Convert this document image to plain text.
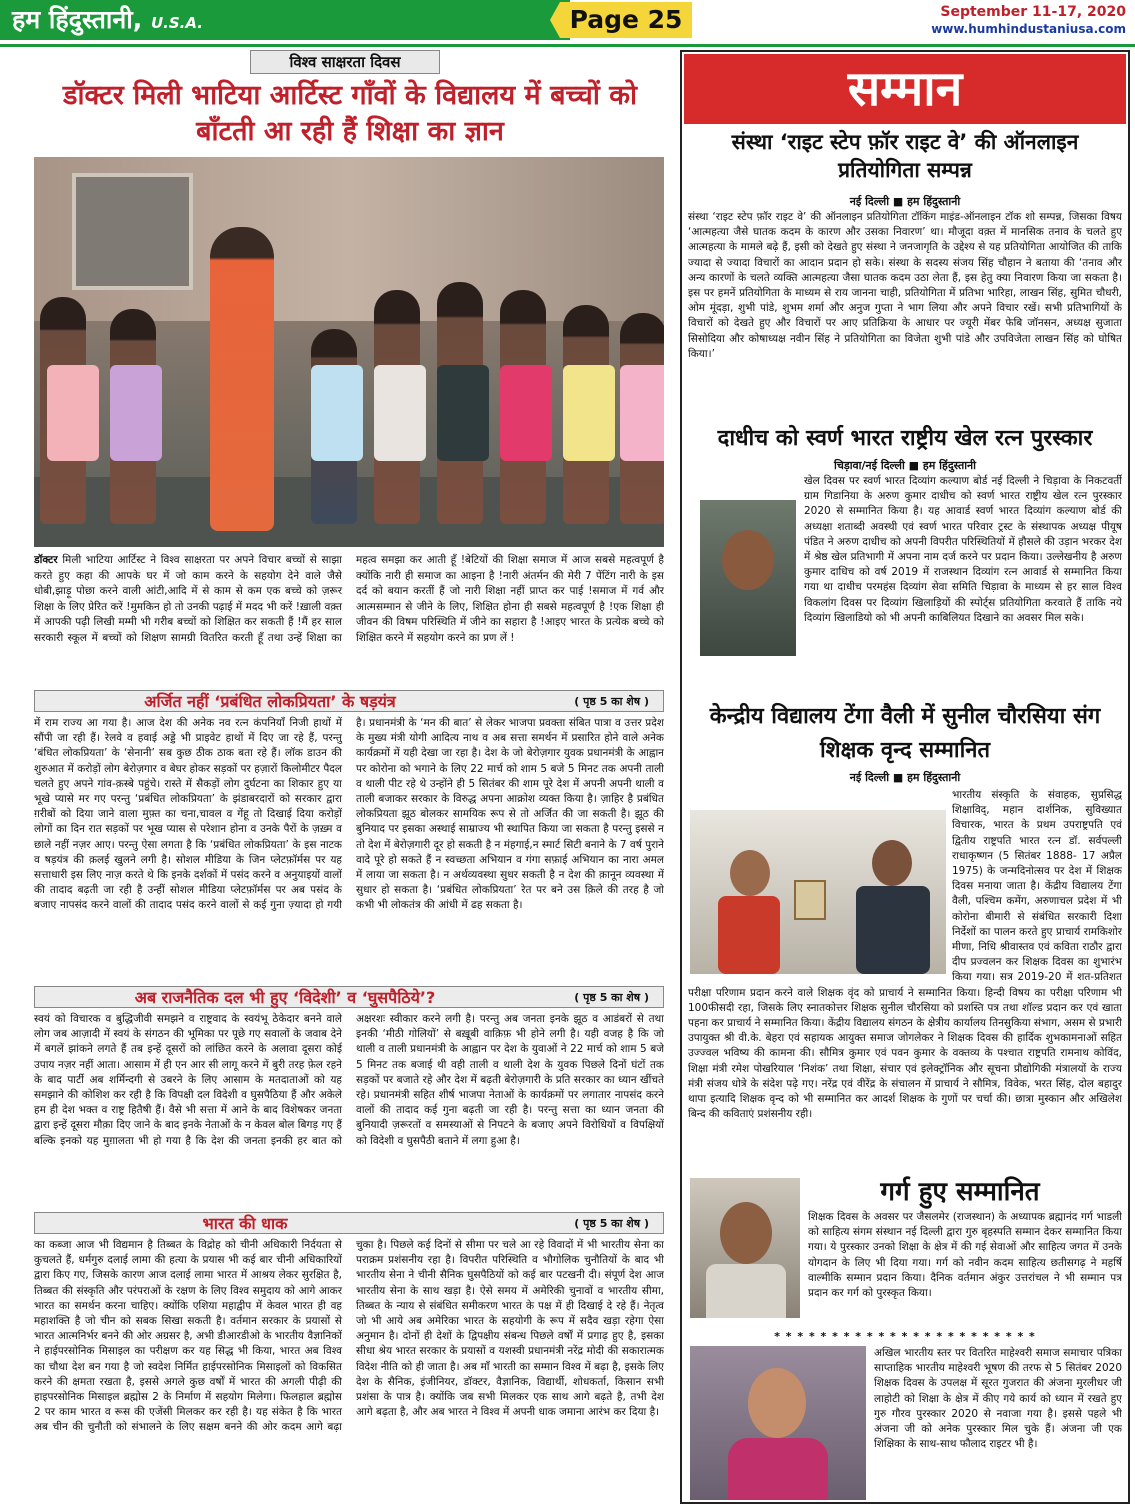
हम हिंदुस्तानी, U.S.A.	Page 25	September 11-17, 2020
www.humhindustaniusa.com
विश्व साक्षरता दिवस
डॉक्टर मिली भाटिया आर्टिस्ट गाँवों के विद्यालय में बच्चों को बाँटती आ रही हैं शिक्षा का ज्ञान
डॉक्टर मिली भाटिया आर्टिस्ट ने विश्व साक्षरता पर अपने विचार बच्चों से साझा करते हुए कहा की आपके घर में जो काम करने के सहयोग देने वाले जैसे धोबी,झाड़ू पोछा करने वाली आंटी,आदि में से काम से कम एक बच्चे को ज़रूर शिक्षा के लिए प्रेरित करें !मुमकिन हो तो उनकी पढ़ाई में मदद भी करें !ख़ाली वक़्त में आपकी पढ़ी लिखी मम्मी भी गरीब बच्चों को शिक्षित कर सकती हैं !मैं हर साल सरकारी स्कूल में बच्चों को शिक्षण सामग्री वितरित करती हूँ तथा उन्हें शिक्षा का महत्व समझा कर आती हूँ !बेटियों की शिक्षा समाज में आज सबसे महत्वपूर्ण है क्योंकि नारी ही समाज का आइना है !नारी अंतर्मन की मेरी 7 पेंटिंग नारी के इस दर्द को बयान करतीं हैं जो नारी शिक्षा नहीं प्राप्त कर पाई !समाज में गर्व और आत्मसम्मान से जीने के लिए, शिक्षित होना ही सबसे महत्वपूर्ण है !एक शिक्षा ही जीवन की विषम परिस्थिति में जीने का सहारा है !आइए भारत के प्रत्येक बच्चे को शिक्षित करने में सहयोग करने का प्रण लें !
अर्जित नहीं ‘प्रबंधित लोकप्रियता’ के षड़यंत्र	( पृष्ठ 5 का शेष )
में राम राज्य आ गया है। आज देश की अनेक नव रत्न कंपनियाँ निजी हाथों में सौंपी जा रही हैं। रेलवे व हवाई अड्डे भी प्राइवेट हाथों में दिए जा रहे हैं, परन्तु ‘बंधित लोकप्रियता’ के ‘सेनानी’ सब कुछ ठीक ठाक बता रहे हैं। लॉक डाउन की शुरुआत में करोड़ों लोग बेरोज़गार व बेघर होकर सड़कों पर हज़ारों किलोमीटर पैदल चलते हुए अपने गांव-क़स्बे पहुंचे। रास्ते में सैकड़ों लोग दुर्घटना का शिकार हुए या भूखे प्यासे मर गए परन्तु ‘प्रबंधित लोकप्रियता’ के झंडाबरदारों को सरकार द्वारा ग़रीबों को दिया जाने वाला मुफ़्त का चना,चावल व गेंहू तो दिखाई दिया करोड़ों लोगों का दिन रात सड़कों पर भूख प्यास से परेशान होना व उनके पैरों के ज़ख़्म व छाले नहीं नज़र आए। परन्तु ऐसा लगता है कि ‘प्रबंधित लोकप्रियता’ के इस नाटक व षड़यंत्र की क़लई खुलने लगी है। सोशल मीडिया के जिन प्लेटफ़ॉर्मस पर यह सत्ताधारी इस लिए नाज़ करते थे कि इनके दर्शकों में पसंद करने व अनुयाइयों वालों की तादाद बढ़ती जा रही है उन्हीं सोशल मीडिया प्लेटफ़ॉर्मस पर अब पसंद के बजाए नापसंद करने वालों की तादाद पसंद करने वालों से कई गुना ज़्यादा हो गयी है। प्रधानमंत्री के ‘मन की बात’ से लेकर भाजपा प्रवक्ता संबित पात्रा व उत्तर प्रदेश के मुख्य मंत्री योगी आदित्य नाथ व अब सत्ता समर्थन में प्रसारित होने वाले अनेक कार्यक्रमों में यही देखा जा रहा है। देश के जो बेरोज़गार युवक प्रधानमंत्री के आह्वान पर कोरोना को भगाने के लिए 22 मार्च को शाम 5 बजे 5 मिनट तक अपनी ताली व थाली पीट रहे थे उन्होंने ही 5 सितंबर की शाम पूरे देश में अपनी अपनी थाली व ताली बजाकर सरकार के विरुद्ध अपना आक्रोश व्यक्त किया है। ज़ाहिर है प्रबंधित लोकप्रियता झूठ बोलकर सामयिक रूप से तो अर्जित की जा सकती है। झूठ की बुनियाद पर इसका अस्थाई साम्राज्य भी स्थापित किया जा सकता है परन्तु इससे न तो देश में बेरोज़गारी दूर हो सकती है न मंहगाई,न स्मार्ट सिटी बनाने के 7 वर्ष पुराने वादे पूरे हो सकते हैं न स्वच्छता अभियान व गंगा सफ़ाई अभियान का नारा अमल में लाया जा सकता है। न अर्थव्यवस्था सुधर सकती है न देश की क़ानून व्यवस्था में सुधार हो सकता है। ‘प्रबंधित लोकप्रियता’ रेत पर बने उस क़िले की तरह है जो कभी भी लोकतंत्र की आंधी में ढह सकता है।
अब राजनैतिक दल भी हुए ‘विदेशी’ व ‘घुसपैठिये’?	( पृष्ठ 5 का शेष )
स्वयं को विचारक व बुद्धिजीवी समझने व राष्ट्रवाद के स्वयंभू ठेकेदार बनने वाले लोग जब आज़ादी में स्वयं के संगठन की भूमिका पर पूछे गए सवालों के जवाब देने में बगलें झांकने लगते हैं तब इन्हें दूसरों को लांछित करने के अलावा दूसरा कोई उपाय नज़र नहीं आता। आसाम में ही एन आर सी लागू करने में बुरी तरह फ़ेल रहने के बाद पार्टी अब शर्मिन्दगी से उबरने के लिए आसाम के मतदाताओं को यह समझाने की कोशिश कर रही है कि विपक्षी दल विदेशी व घुसपैठिया हैं और अकेले हम ही देश भक्त व राष्ट्र हितैषी हैं। वैसे भी सत्ता में आने के बाद विशेषकर जनता द्वारा इन्हें दूसरा मौक़ा दिए जाने के बाद इनके नेताओं के न केवल बोल बिगड़ गए हैं बल्कि इनको यह मुग़ालता भी हो गया है कि देश की जनता इनकी हर बात को अक्षरशः स्वीकार करने लगी है। परन्तु अब जनता इनके झूठ व आडंबरों से तथा इनकी ‘मीठी गोलियों’ से बख़ूबी वाक़िफ़ भी होने लगी है। यही वजह है कि जो थाली व ताली प्रधानमंत्री के आह्वान पर देश के युवाओं ने 22 मार्च को शाम 5 बजे 5 मिनट तक बजाई थी वही ताली व थाली देश के युवक पिछले दिनों घंटों तक सड़कों पर बजाते रहे और देश में बढ़ती बेरोज़गारी के प्रति सरकार का ध्यान खींचते रहे। प्रधानमंत्री सहित शीर्ष भाजपा नेताओं के कार्यक्रमों पर लगातार नापसंद करने वालों की तादाद कई गुना बढ़ती जा रही है। परन्तु सत्ता का ध्यान जनता की बुनियादी ज़रूरतों व समस्याओं से निपटने के बजाए अपने विरोधियों व विपक्षियों को विदेशी व घुसपैठी बताने में लगा हुआ है।
भारत की धाक	( पृष्ठ 5 का शेष )
का कब्जा आज भी विद्यमान है तिब्बत के विद्रोह को चीनी अधिकारी निर्दयता से कुचलते हैं, धर्मगुरु दलाई लामा की हत्या के प्रयास भी कई बार चीनी अधिकारियों द्वारा किए गए, जिसके कारण आज दलाई लामा भारत में आश्रय लेकर सुरक्षित है, तिब्बत की संस्कृति और परंपराओं के रक्षण के लिए विश्व समुदाय को आगे आकर भारत का समर्थन करना चाहिए। क्योंकि एशिया महाद्वीप में केवल भारत ही वह महाशक्ति है जो चीन को सबक सिखा सकती है। वर्तमान सरकार के प्रयासों से भारत आत्मनिर्भर बनने की ओर अग्रसर है, अभी डीआरडीओ के भारतीय वैज्ञानिकों ने हाईपरसोनिक मिसाइल का परीक्षण कर यह सिद्ध भी किया, भारत अब विश्व का चौथा देश बन गया है जो स्वदेश निर्मित हाईपरसोनिक मिसाइलों को विकसित करने की क्षमता रखता है, इससे अगले कुछ वर्षों में भारत की अगली पीढ़ी की हाइपरसोनिक मिसाइल ब्रह्मोस 2 के निर्माण में सहयोग मिलेगा। फिलहाल ब्रह्मोस 2 पर काम भारत व रूस की एजेंसी मिलकर कर रही है। यह संकेत है कि भारत अब चीन की चुनौती को संभालने के लिए सक्षम बनने की ओर कदम आगे बढ़ा चुका है। पिछले कई दिनों से सीमा पर चले आ रहे विवादों में भी भारतीय सेना का पराक्रम प्रशंसनीय रहा है। विपरीत परिस्थिति व भौगोलिक चुनौतियों के बाद भी भारतीय सेना ने चीनी सैनिक घुसपैठियों को कई बार पटखनी दी। संपूर्ण देश आज भारतीय सेना के साथ खड़ा है। ऐसे समय में अमेरिकी चुनावों व भारतीय सीमा, तिब्बत के न्याय से संबंधित समीकरण भारत के पक्ष में ही दिखाई दे रहे हैं। नेतृत्व जो भी आये अब अमेरिका भारत के सहयोगी के रूप में सदैव खड़ा रहेगा ऐसा अनुमान है। दोनों ही देशों के द्विपक्षीय संबन्ध पिछले वर्षों में प्रगाढ़ हुए है, इसका सीधा श्रेय भारत सरकार के प्रयासों व यशस्वी प्रधानमंत्री नरेंद्र मोदी की सकारात्मक विदेश नीति को ही जाता है। अब माँ भारती का सम्मान विश्व में बढ़ा है, इसके लिए देश के सैनिक, इंजीनियर, डॉक्टर, वैज्ञानिक, विद्यार्थी, शोधकर्ता, किसान सभी प्रशंसा के पात्र है। क्योंकि जब सभी मिलकर एक साथ आगे बढ़ते है, तभी देश आगे बढ़ता है, और अब भारत ने विश्व में अपनी धाक जमाना आरंभ कर दिया है।
सम्मान
संस्था ‘राइट स्टेप फ़ॉर राइट वे’ की ऑनलाइन प्रतियोगिता सम्पन्न
नई दिल्ली ■ हम हिंदुस्तानी
संस्था ‘राइट स्टेप फ़ॉर राइट वे’ की ऑनलाइन प्रतियोगिता टॉकिंग माइंड-ऑनलाइन टॉक शो सम्पन्न, जिसका विषय ‘आत्महत्या जैसे घातक कदम के कारण और उसका निवारण’ था। मौजूदा वक़्त में मानसिक तनाव के चलते हुए आत्महत्या के मामले बढ़े हैं, इसी को देखते हुए संस्था ने जनजागृति के उद्देश्य से यह प्रतियोगिता आयोजित की ताकि ज्यादा से ज्यादा विचारों का आदान प्रदान हो सके। संस्था के सदस्य संजय सिंह चौहान ने बताया की ‘तनाव और अन्य कारणों के चलते व्यक्ति आत्महत्या जैसा घातक कदम उठा लेता हैं, इस हेतु क्या निवारण किया जा सकता है। इस पर हमनें प्रतियोगिता के माध्यम से राय जानना चाही, प्रतियोगिता में प्रतिभा भारिहा, लाखन सिंह, सुमित चौधरी, ओम मूंदड़ा, शुभी पांडे, शुभम शर्मा और अनुज गुप्ता ने भाग लिया और अपने विचार रखें। सभी प्रतिभागियों के विचारों को देखते हुए और विचारों पर आए प्रतिक्रिया के आधार पर ज्यूरी मेंबर फेबि जॉनसन, अध्यक्ष सुजाता सिसोदिया और कोषाध्यक्ष नवीन सिंह ने प्रतियोगिता का विजेता शुभी पांडे और उपविजेता लाखन सिंह को घोषित किया।’
दाधीच को स्वर्ण भारत राष्ट्रीय खेल रत्न पुरस्कार
चिड़ावा/नई दिल्ली ■ हम हिंदुस्तानी
खेल दिवस पर स्वर्ण भारत दिव्यांग कल्याण बोर्ड नई दिल्ली ने चिड़ावा के निकटवर्ती ग्राम गिडानिया के अरुण कुमार दाधीच को स्वर्ण भारत राष्ट्रीय खेल रत्न पुरस्कार 2020 से सम्मानित किया है। यह आवार्ड स्वर्ण भारत दिव्यांग कल्याण बोर्ड की अध्यक्षा शताब्दी अवस्थी एवं स्वर्ण भारत परिवार ट्रस्ट के संस्थापक अध्यक्ष पीयूष पंडित ने अरुण दाधीच को अपनी विपरीत परिस्थितियों में हौसले की उड़ान भरकर देश में श्रेष्ठ खेल प्रतिभागी में अपना नाम दर्ज करने पर प्रदान किया। उल्लेखनीय है अरुण कुमार दाधिच को वर्ष 2019 में राजस्थान दिव्यांग रत्न आवार्ड से सम्मानित किया गया था दाधीच परमहंस दिव्यांग सेवा समिति चिड़ावा के माध्यम से हर साल विश्व विकलांग दिवस पर दिव्यांग खिलाड़ियों की स्पोर्ट्स प्रतियोगिता करवाते हैं ताकि नये दिव्यांग खिलाडियो को भी अपनी काबिलियत दिखाने का अवसर मिल सके।
केन्द्रीय विद्यालय टेंगा वैली में सुनील चौरसिया संग शिक्षक वृन्द सम्मानित
नई दिल्ली ■ हम हिंदुस्तानी
भारतीय संस्कृति के संवाहक, सुप्रसिद्ध शिक्षाविद्, महान दार्शनिक, सुविख्यात विचारक, भारत के प्रथम उपराष्ट्रपति एवं द्वितीय राष्ट्रपति भारत रत्न डॉ. सर्वपल्ली राधाकृष्णन (5 सितंबर 1888- 17 अप्रैल 1975) के जन्मदिनोत्सव पर देश में शिक्षक दिवस मनाया जाता है। केंद्रीय विद्यालय टेंगा वैली, पश्चिम कमेंग, अरुणाचल प्रदेश में भी कोरोना बीमारी से संबंधित सरकारी दिशा निर्देशों का पालन करते हुए प्राचार्य रामकिशोर मीणा, निधि श्रीवास्तव एवं कविता राठौर द्वारा दीप प्रज्वलन कर शिक्षक दिवस का शुभारंभ किया गया। सत्र 2019-20 में शत-प्रतिशत परीक्षा परिणाम प्रदान करने वाले शिक्षक वृंद को प्राचार्य ने सम्मानित किया। हिन्दी विषय का परीक्षा परिणाम भी 100फीसदी रहा, जिसके लिए स्नातकोत्तर शिक्षक सुनील चौरसिया को प्रशस्ति पत्र तथा शॉल्ड प्रदान कर एवं खाता पहना कर प्राचार्य ने सम्मानित किया। केंद्रीय विद्यालय संगठन के क्षेत्रीय कार्यालय तिनसुकिया संभाग, असम से प्रभारी उपायुक्त श्री वी.के. बेहरा एवं सहायक आयुक्त समाज जोगलेकर ने शिक्षक दिवस की हार्दिक शुभकामनाओं सहित उज्ज्वल भविष्य की कामना की। सौमित्र कुमार एवं पवन कुमार के वक्तव्य के पश्चात राष्ट्रपति रामनाथ कोविंद, शिक्षा मंत्री रमेश पोखरियाल ‘निशंक’ तथा शिक्षा, संचार एवं इलेक्ट्रॉनिक और सूचना प्रौद्योगिकी मंत्रालयों के राज्य मंत्री संजय धोत्रे के संदेश पढ़े गए। नरेंद्र एवं वीरेंद्र के संचालन में प्राचार्य ने सौमित्र, विवेक, भरत सिंह, दोल बहादुर थापा इत्यादि शिक्षक वृन्द को भी सम्मानित कर आदर्श शिक्षक के गुणों पर चर्चा की। छात्रा मुस्कान और अखिलेश बिन्द की कविताएं प्रशंसनीय रही।
गर्ग हुए सम्मानित
शिक्षक दिवस के अवसर पर जैसलमेर (राजस्थान) के अध्यापक ब्रह्मानंद गर्ग भाडली को साहित्य संगम संस्थान नई दिल्ली द्वारा गुरु बृहस्पति सम्मान देकर सम्मानित किया गया। ये पुरस्कार उनको शिक्षा के क्षेत्र में की गई सेवाओं और साहित्य जगत में उनके योगदान के लिए भी दिया गया। गर्ग को नवीन कदम साहित्य छतीसगढ़ ने महर्षि वाल्मीकि सम्मान प्रदान किया। दैनिक वर्तमान अंकुर उत्तरांचल ने भी सम्मान पत्र प्रदान कर गर्ग को पुरस्कृत किया।
* * * * * * * * * * * * * * * * * * * * * * *
अखिल भारतीय स्तर पर वितरित माहेश्वरी समाज समाचार पत्रिका साप्ताहिक भारतीय माहेश्वरी भूषण की तरफ से 5 सितंबर 2020 शिक्षक दिवस के उपलक्ष में सूरत गुजरात की अंजना मुरलीधर जी लाहोटी को शिक्षा के क्षेत्र में कीए गये कार्य को ध्यान में रखते हुए गुरु गौरव पुरस्कार 2020 से नवाजा गया है। इससे पहले भी अंजना जी को अनेक पुरस्कार मिल चुके हैं। अंजना जी एक शिक्षिका के साथ-साथ फौलाद राइटर भी है।
